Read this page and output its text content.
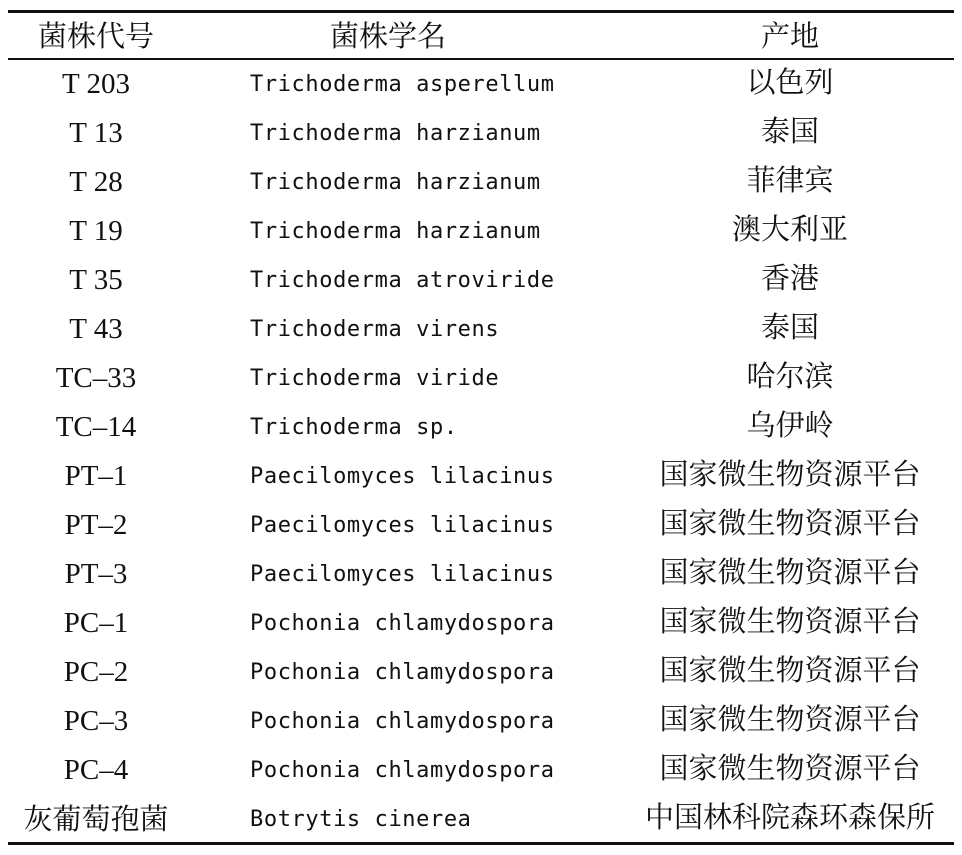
菌株代号	菌株学名	产地
T 203	Trichoderma asperellum	以色列
T 13	Trichoderma harzianum	泰国
T 28	Trichoderma harzianum	菲律宾
T 19	Trichoderma harzianum	澳大利亚
T 35	Trichoderma atroviride	香港
T 43	Trichoderma virens	泰国
TC–33	Trichoderma viride	哈尔滨
TC–14	Trichoderma sp.	乌伊岭
PT–1	Paecilomyces lilacinus	国家微生物资源平台
PT–2	Paecilomyces lilacinus	国家微生物资源平台
PT–3	Paecilomyces lilacinus	国家微生物资源平台
PC–1	Pochonia chlamydospora	国家微生物资源平台
PC–2	Pochonia chlamydospora	国家微生物资源平台
PC–3	Pochonia chlamydospora	国家微生物资源平台
PC–4	Pochonia chlamydospora	国家微生物资源平台
灰葡萄孢菌	Botrytis cinerea	中国林科院森环森保所
